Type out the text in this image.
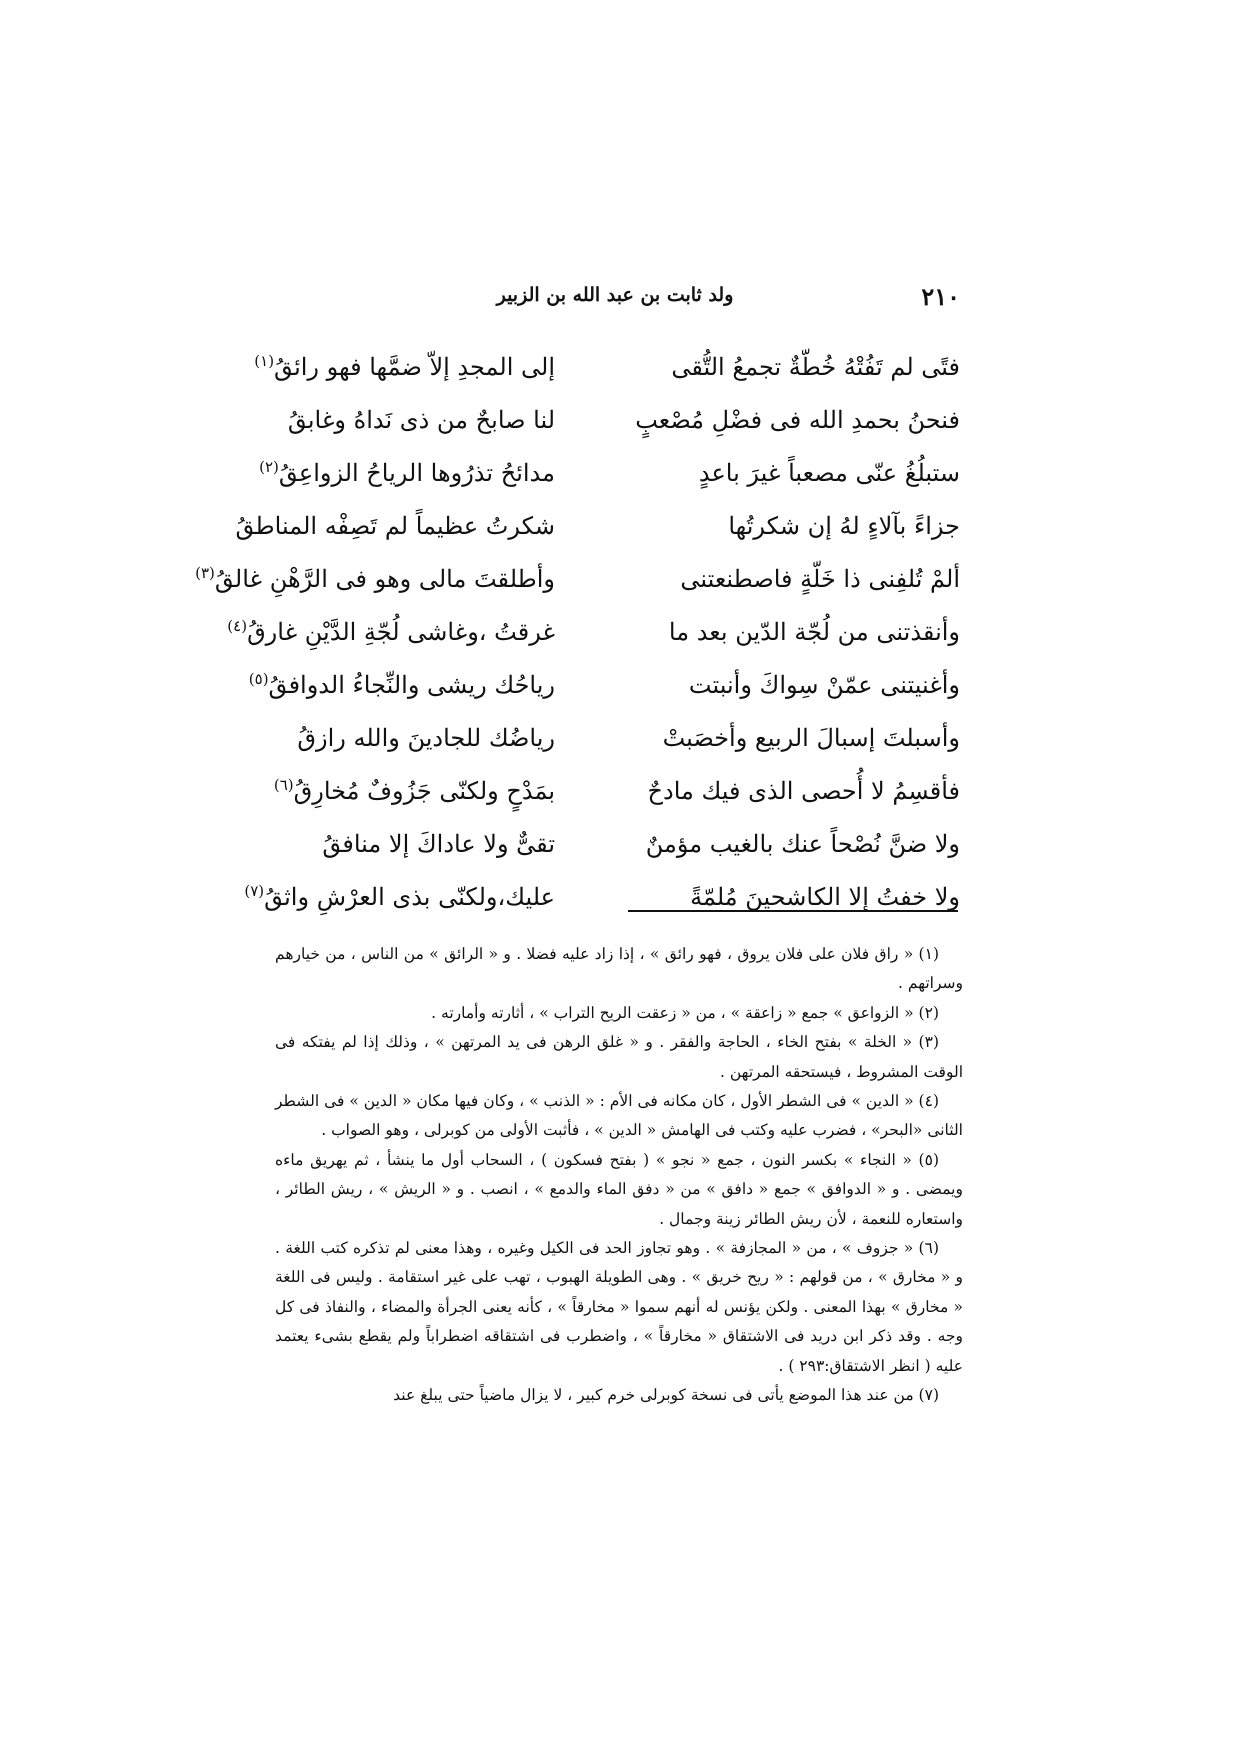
٢١٠
ولد ثابت بن عبد الله بن الزبير
فتًى لم تَفُتْهُ خُطّةٌ تجمعُ التُّقى
إلى المجدِ إلاّ ضمَّها فهو رائقُ$^{(١)}$
فنحنُ بحمدِ الله فى فضْلِ مُصْعبٍ
لنا صابحٌ من ذى نَداهُ وغابقُ
ستبلُغُ عنّى مصعباً غيرَ باعدٍ
مدائحُ تذرُوها الرياحُ الزواعِقُ$^{(٢)}$
جزاءً بآلاءٍ لهُ إن شكرتُها
شكرتُ عظيماً لم تَصِفْه المناطقُ
ألمْ تُلفِنى ذا خَلّةٍ فاصطنعتنى
وأطلقتَ مالى وهو فى الرَّهْنِ غالقُ$^{(٣)}$
وأنقذتنى من لُجّة الدّين بعد ما
غرقتُ ،وغاشى لُجّةِ الدَّيْنِ غارقُ$^{(٤)}$
وأغنيتنى عمّنْ سِواكَ وأنبتت
رياحُك ريشى والنِّجاءُ الدوافقُ$^{(٥)}$
وأسبلتَ إسبالَ الربيع وأخصَبتْ
رياضُك للجادينَ والله رازقُ
فأقسِمُ لا أُحصى الذى فيك مادحٌ
بمَدْحٍ ولكنّى جَزُوفٌ مُخارِقُ$^{(٦)}$
ولا ضنَّ نُصْحاً عنك بالغيب مؤمنٌ
تقىٌّ ولا عاداكَ إلا منافقُ
ولا خفتُ إلا الكاشحينَ مُلمّةً
عليك،ولكنّى بذى العرْشِ واثقُ$^{(٧)}$

(١) « راق فلان على فلان يروق ، فهو رائق » ، إذا زاد عليه فضلا . و « الرائق » من الناس ، من خيارهم وسراتهم .

(٢) « الزواعق » جمع « زاعقة » ، من « زعقت الريح التراب » ، أثارته وأمارته .

(٣) « الخلة » بفتح الخاء ، الحاجة والفقر . و « غلق الرهن فى يد المرتهن » ، وذلك إذا لم يفتكه فى الوقت المشروط ، فيستحقه المرتهن .

(٤) « الدين » فى الشطر الأول ، كان مكانه فى الأم : « الذنب » ، وكان فيها مكان « الدين » فى الشطر الثانى «البحر» ، فضرب عليه وكتب فى الهامش « الدين » ، فأثبت الأولى من كوبرلى ، وهو الصواب .

(٥) « النجاء » بكسر النون ، جمع « نجو » ( بفتح فسكون ) ، السحاب أول ما ينشأ ، ثم يهريق ماءه ويمضى . و « الدوافق » جمع « دافق » من « دفق الماء والدمع » ، انصب . و « الريش » ، ريش الطائر ، واستعاره للنعمة ، لأن ريش الطائر زينة وجمال .

(٦) « جزوف » ، من « المجازفة » . وهو تجاوز الحد فى الكيل وغيره ، وهذا معنى لم تذكره كتب اللغة . و « مخارق » ، من قولهم : « ريح خريق » . وهى الطويلة الهبوب ، تهب على غير استقامة . وليس فى اللغة « مخارق » بهذا المعنى . ولكن يؤنس له أنهم سموا « مخارقاً » ، كأنه يعنى الجرأة والمضاء ، والنفاذ فى كل وجه . وقد ذكر ابن دريد فى الاشتقاق « مخارقاً » ، واضطرب فى اشتقاقه اضطراباً ولم يقطع بشىء يعتمد عليه ( انظر الاشتقاق:٢٩٣ ) .

(٧) من عند هذا الموضع يأتى فى نسخة كوبرلى خرم كبير ، لا يزال ماضياً حتى يبلغ عند
